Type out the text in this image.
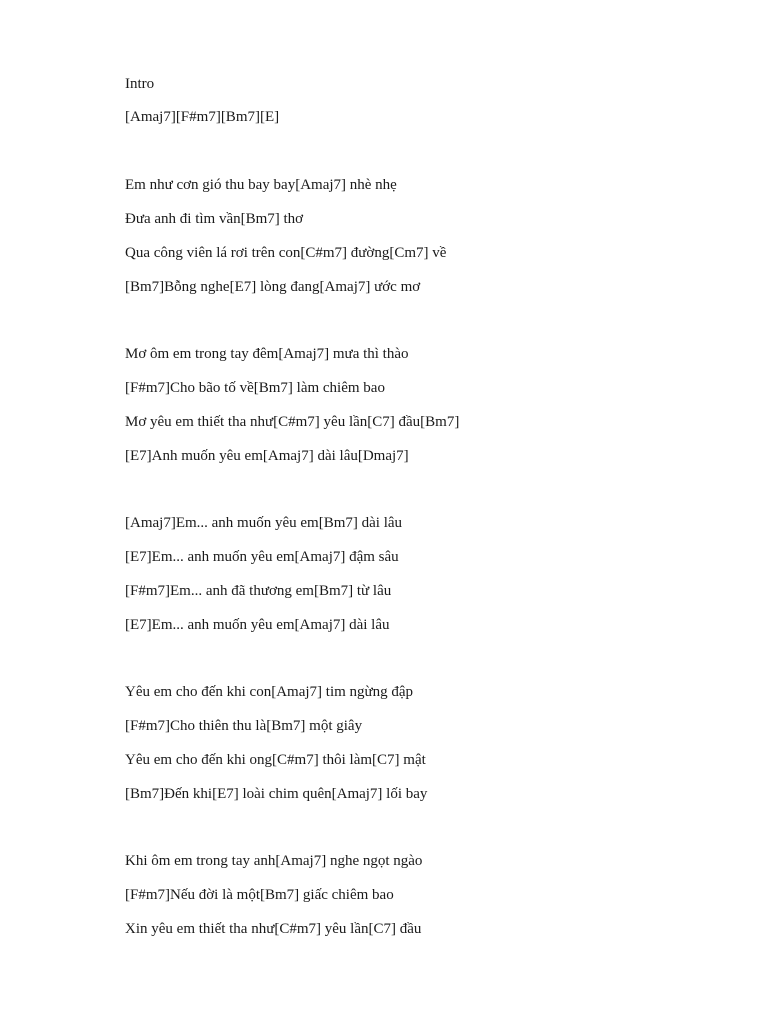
Intro
[Amaj7][F#m7][Bm7][E]
Em như cơn gió thu bay bay[Amaj7] nhè nhẹ
Đưa anh đi tìm vần[Bm7] thơ
Qua công viên lá rơi trên con[C#m7] đường[Cm7] về
[Bm7]Bỗng nghe[E7] lòng đang[Amaj7] ước mơ
Mơ ôm em trong tay đêm[Amaj7] mưa thì thào
[F#m7]Cho bão tố về[Bm7] làm chiêm bao
Mơ yêu em thiết tha như[C#m7] yêu lần[C7] đầu[Bm7]
[E7]Anh muốn yêu em[Amaj7] dài lâu[Dmaj7]
[Amaj7]Em... anh muốn yêu em[Bm7] dài lâu
[E7]Em... anh muốn yêu em[Amaj7] đậm sâu
[F#m7]Em... anh đã thương em[Bm7] từ lâu
[E7]Em... anh muốn yêu em[Amaj7] dài lâu
Yêu em cho đến khi con[Amaj7] tim ngừng đập
[F#m7]Cho thiên thu là[Bm7] một giây
Yêu em cho đến khi ong[C#m7] thôi làm[C7] mật
[Bm7]Đến khi[E7] loài chim quên[Amaj7] lối bay
Khi ôm em trong tay anh[Amaj7] nghe ngọt ngào
[F#m7]Nếu đời là một[Bm7] giấc chiêm bao
Xin yêu em thiết tha như[C#m7] yêu lần[C7] đầu
